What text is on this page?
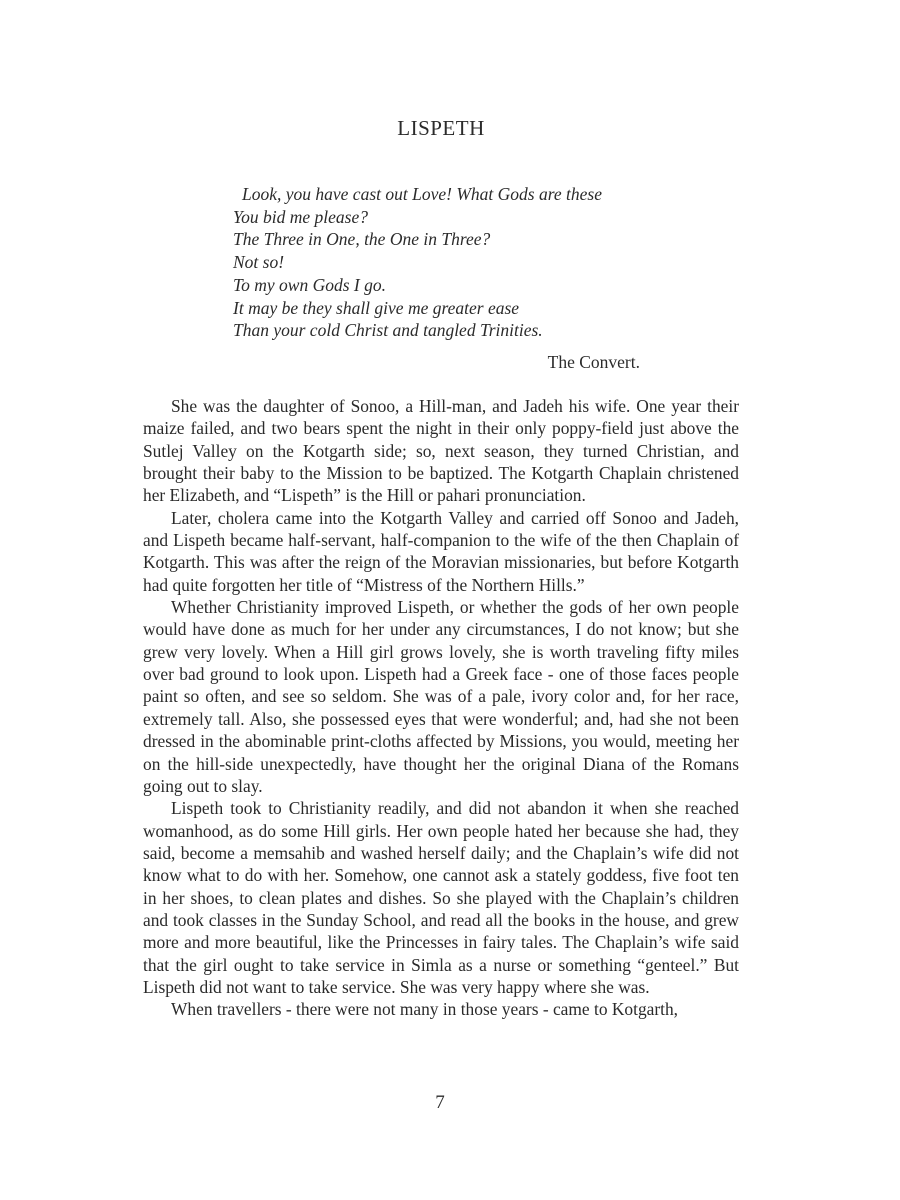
LISPETH
Look, you have cast out Love! What Gods are these
You bid me please?
The Three in One, the One in Three?
Not so!
To my own Gods I go.
It may be they shall give me greater ease
Than your cold Christ and tangled Trinities.
The Convert.

She was the daughter of Sonoo, a Hill-man, and Jadeh his wife. One year their maize failed, and two bears spent the night in their only poppy-field just above the Sutlej Valley on the Kotgarth side; so, next season, they turned Christian, and brought their baby to the Mission to be baptized. The Kotgarth Chaplain christened her Elizabeth, and “Lispeth” is the Hill or pahari pronunciation.

Later, cholera came into the Kotgarth Valley and carried off Sonoo and Jadeh, and Lispeth became half-servant, half-companion to the wife of the then Chaplain of Kotgarth. This was after the reign of the Moravian missionaries, but before Kotgarth had quite forgotten her title of “Mistress of the Northern Hills.”

Whether Christianity improved Lispeth, or whether the gods of her own people would have done as much for her under any circumstances, I do not know; but she grew very lovely. When a Hill girl grows lovely, she is worth traveling fifty miles over bad ground to look upon. Lispeth had a Greek face - one of those faces people paint so often, and see so seldom. She was of a pale, ivory color and, for her race, extremely tall. Also, she possessed eyes that were wonderful; and, had she not been dressed in the abominable print-cloths affected by Missions, you would, meeting her on the hill-side unexpectedly, have thought her the original Diana of the Romans going out to slay.

Lispeth took to Christianity readily, and did not abandon it when she reached womanhood, as do some Hill girls. Her own people hated her because she had, they said, become a memsahib and washed herself daily; and the Chaplain’s wife did not know what to do with her. Somehow, one cannot ask a stately goddess, five foot ten in her shoes, to clean plates and dishes. So she played with the Chaplain’s children and took classes in the Sunday School, and read all the books in the house, and grew more and more beautiful, like the Princesses in fairy tales. The Chaplain’s wife said that the girl ought to take service in Simla as a nurse or something “genteel.” But Lispeth did not want to take service. She was very happy where she was.

When travellers - there were not many in those years - came to Kotgarth,

7
